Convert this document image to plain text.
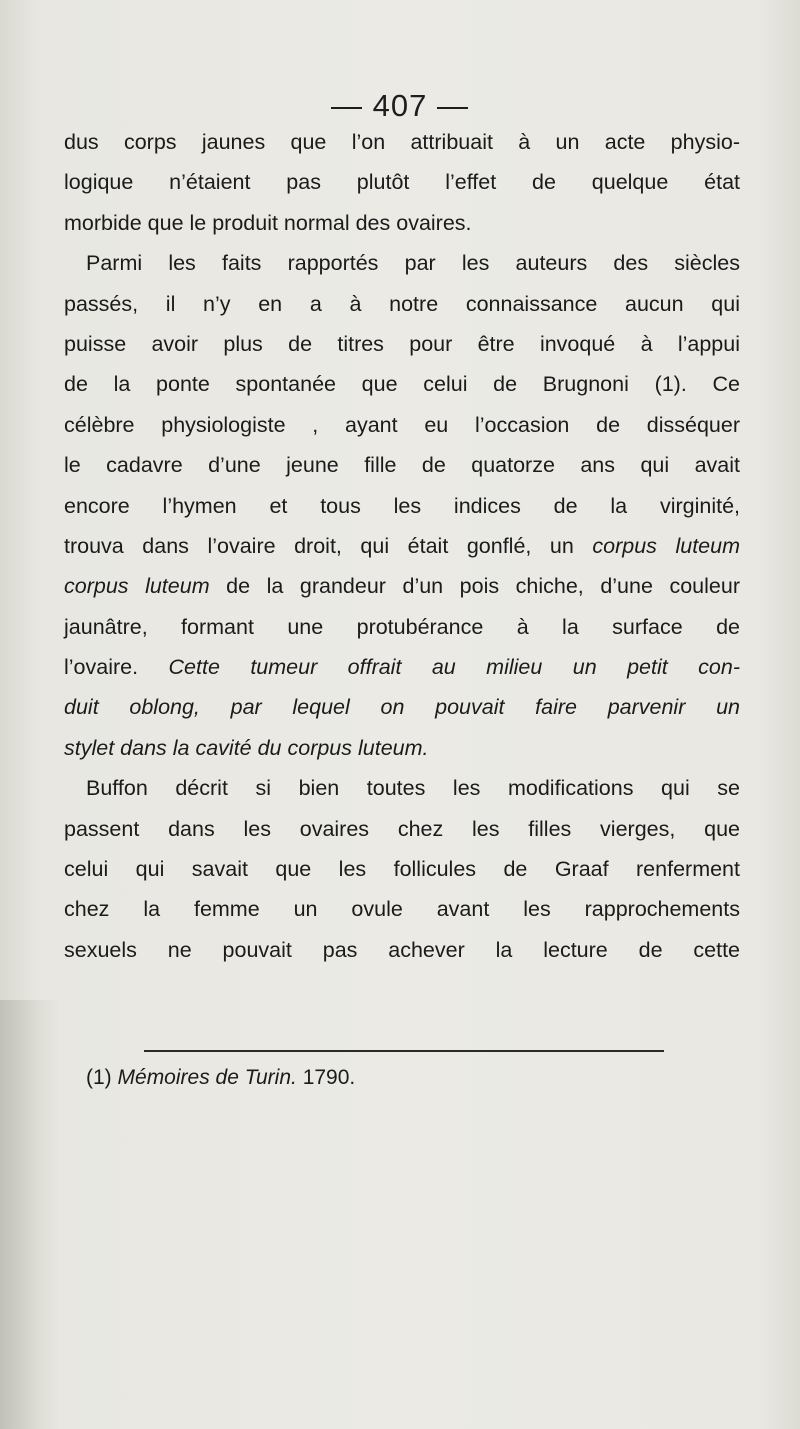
— 407 —
dus corps jaunes que l’on attribuait à un acte physio-
logique n’étaient pas plutôt l’effet de quelque état
morbide que le produit normal des ovaires.
Parmi les faits rapportés par les auteurs des siècles
passés, il n’y en a à notre connaissance aucun qui
puisse avoir plus de titres pour être invoqué à l’appui
de la ponte spontanée que celui de Brugnoni (1). Ce
célèbre physiologiste , ayant eu l’occasion de disséquer
le cadavre d’une jeune fille de quatorze ans qui avait
encore l’hymen et tous les indices de la virginité,
trouva dans l’ovaire droit, qui était gonflé, un corpus luteum
corpus luteum de la grandeur d’un pois chiche, d’une couleur
jaunâtre, formant une protubérance à la surface de
l’ovaire. Cette tumeur offrait au milieu un petit con-
duit oblong, par lequel on pouvait faire parvenir un
stylet dans la cavité du corpus luteum.
Buffon décrit si bien toutes les modifications qui se
passent dans les ovaires chez les filles vierges, que
celui qui savait que les follicules de Graaf renferment
chez la femme un ovule avant les rapprochements
sexuels ne pouvait pas achever la lecture de cette
(1) Mémoires de Turin. 1790.
